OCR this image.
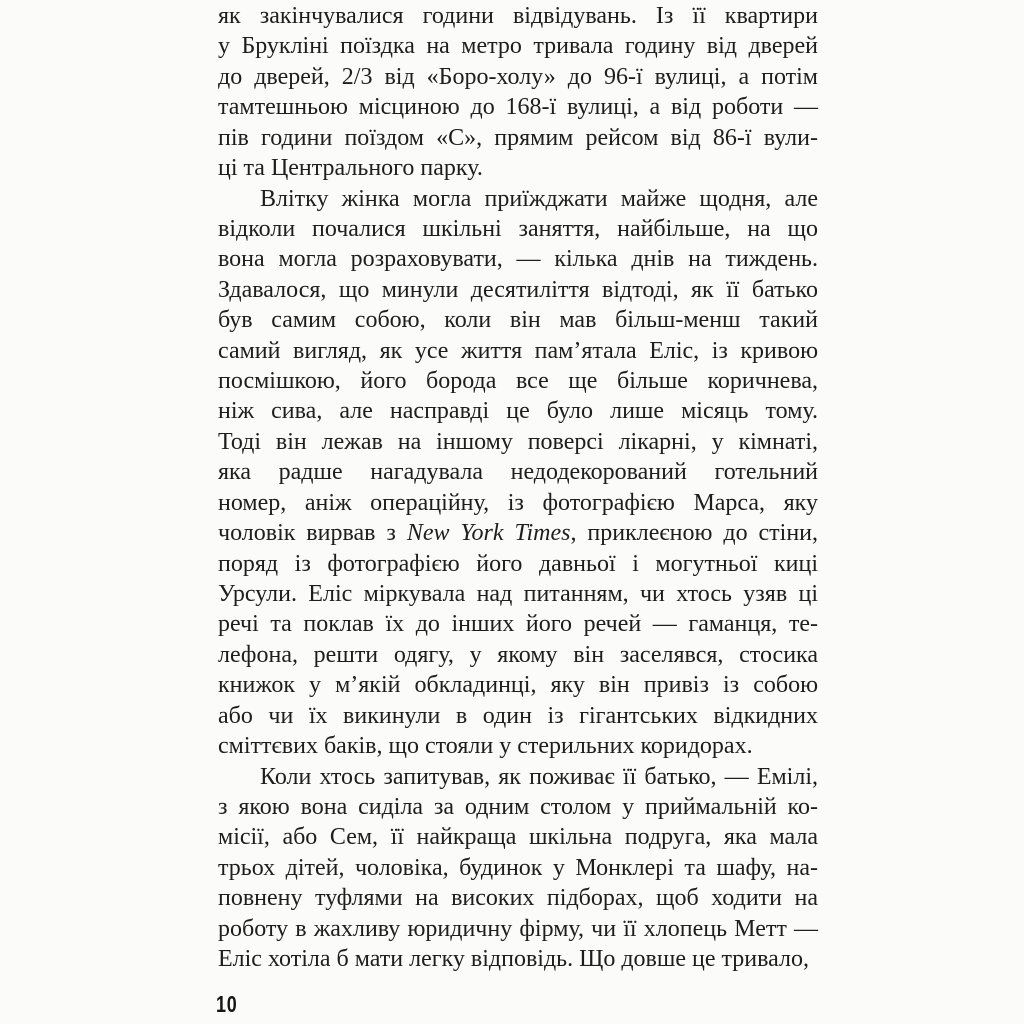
як закінчувалися години відвідувань. Із її квартири
у Брукліні поїздка на метро тривала годину від дверей
до дверей, 2/3 від «Боро-холу» до 96-ї вулиці, а потім
тамтешньою місциною до 168-ї вулиці, а від роботи —
пів години поїздом «С», прямим рейсом від 86-ї вули-
ці та Центрального парку.
Влітку жінка могла приїжджати майже щодня, але
відколи почалися шкільні заняття, найбільше, на що
вона могла розраховувати, — кілька днів на тиждень.
Здавалося, що минули десятиліття відтоді, як її батько
був самим собою, коли він мав більш-менш такий
самий вигляд, як усе життя пам’ятала Еліс, із кривою
посмішкою, його борода все ще більше коричнева,
ніж сива, але насправді це було лише місяць тому.
Тоді він лежав на іншому поверсі лікарні, у кімнаті,
яка радше нагадувала недодекорований готельний
номер, аніж операційну, із фотографією Марса, яку
чоловік вирвав з New York Times, приклеєною до стіни,
поряд із фотографією його давньої і могутньої киці
Урсули. Еліс міркувала над питанням, чи хтось узяв ці
речі та поклав їх до інших його речей — гаманця, те-
лефона, решти одягу, у якому він заселявся, стосика
книжок у м’якій обкладинці, яку він привіз із собою
або чи їх викинули в один із гігантських відкидних
сміттєвих баків, що стояли у стерильних коридорах.
Коли хтось запитував, як поживає її батько, — Емілі,
з якою вона сиділа за одним столом у приймальній ко-
місії, або Сем, її найкраща шкільна подруга, яка мала
трьох дітей, чоловіка, будинок у Монклері та шафу, на-
повнену туфлями на високих підборах, щоб ходити на
роботу в жахливу юридичну фірму, чи її хлопець Метт —
Еліс хотіла б мати легку відповідь. Що довше це тривало,
10
